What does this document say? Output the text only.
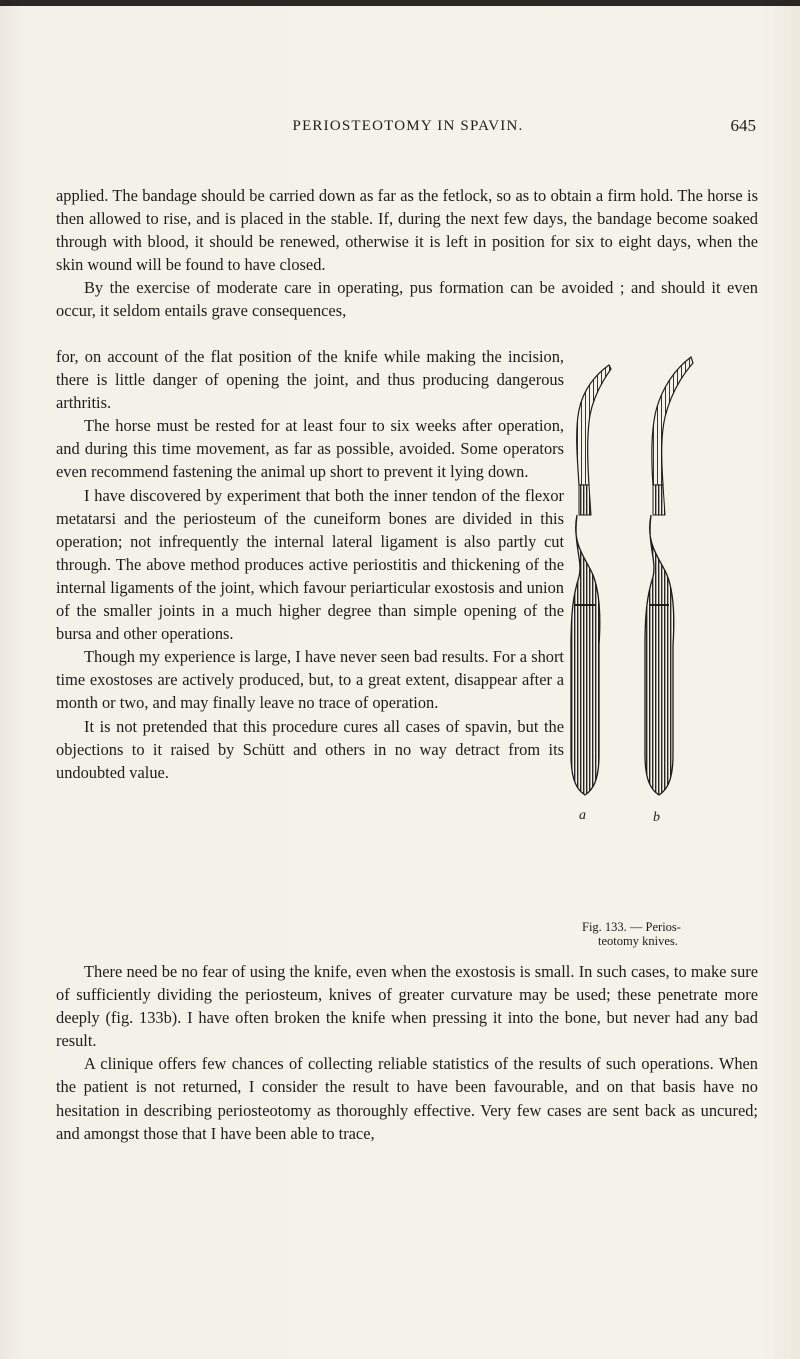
PERIOSTEOTOMY IN SPAVIN.	645

applied. The bandage should be carried down as far as the fetlock, so as to obtain a firm hold. The horse is then allowed to rise, and is placed in the stable. If, during the next few days, the bandage become soaked through with blood, it should be renewed, otherwise it is left in position for six to eight days, when the skin wound will be found to have closed.

By the exercise of moderate care in operating, pus formation can be avoided ; and should it even occur, it seldom entails grave consequences,

for, on account of the flat position of the knife while making the incision, there is little danger of opening the joint, and thus producing dangerous arthritis.

The horse must be rested for at least four to six weeks after operation, and during this time movement, as far as possible, avoided. Some operators even recommend fastening the animal up short to prevent it lying down.

I have discovered by experiment that both the inner tendon of the flexor metatarsi and the periosteum of the cuneiform bones are divided in this operation; not infrequently the internal lateral ligament is also partly cut through. The above method produces active periostitis and thickening of the internal ligaments of the joint, which favour periarticular exostosis and union of the smaller joints in a much higher degree than simple opening of the bursa and other operations.

Though my experience is large, I have never seen bad results. For a short time exostoses are actively produced, but, to a great extent, disappear after a month or two, and may finally leave no trace of operation.

It is not pretended that this procedure cures all cases of spavin, but the objections to it raised by Schütt and others in no way detract from its undoubted value.

a	b
Fig. 133. — Perios-
teotomy knives.

There need be no fear of using the knife, even when the exostosis is small. In such cases, to make sure of sufficiently dividing the periosteum, knives of greater curvature may be used; these penetrate more deeply (fig. 133b). I have often broken the knife when pressing it into the bone, but never had any bad result.

A clinique offers few chances of collecting reliable statistics of the results of such operations. When the patient is not returned, I consider the result to have been favourable, and on that basis have no hesitation in describing periosteotomy as thoroughly effective. Very few cases are sent back as uncured; and amongst those that I have been able to trace,
